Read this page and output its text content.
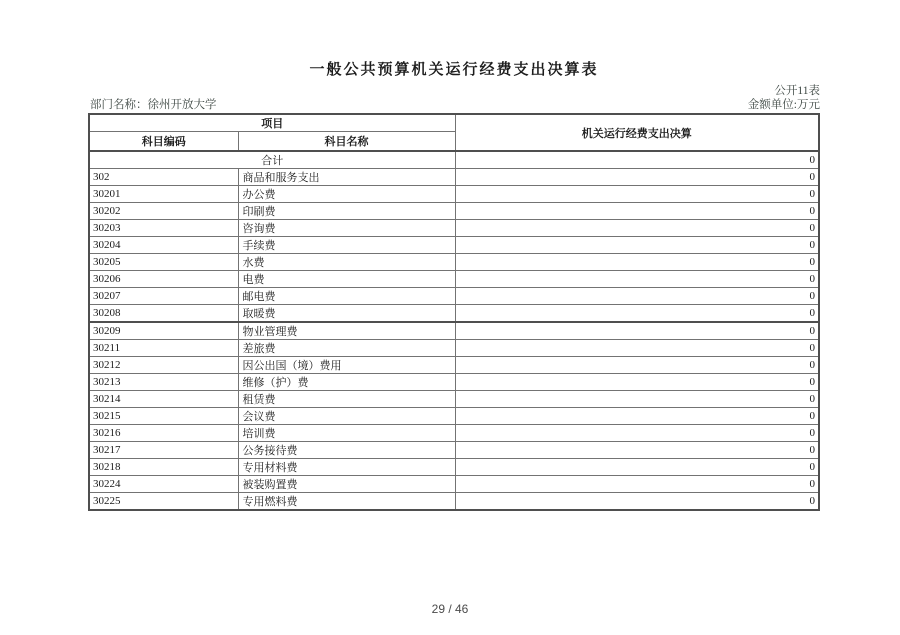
一般公共预算机关运行经费支出决算表
公开11表
部门名称：徐州开放大学	金额单位:万元
项目		机关运行经费支出决算
科目编码	科目名称	
合计		0
302	商品和服务支出	0
30201	办公费	0
30202	印刷费	0
30203	咨询费	0
30204	手续费	0
30205	水费	0
30206	电费	0
30207	邮电费	0
30208	取暖费	0
30209	物业管理费	0
30211	差旅费	0
30212	因公出国（境）费用	0
30213	维修（护）费	0
30214	租赁费	0
30215	会议费	0
30216	培训费	0
30217	公务接待费	0
30218	专用材料费	0
30224	被装购置费	0
30225	专用燃料费	0
29 / 46
